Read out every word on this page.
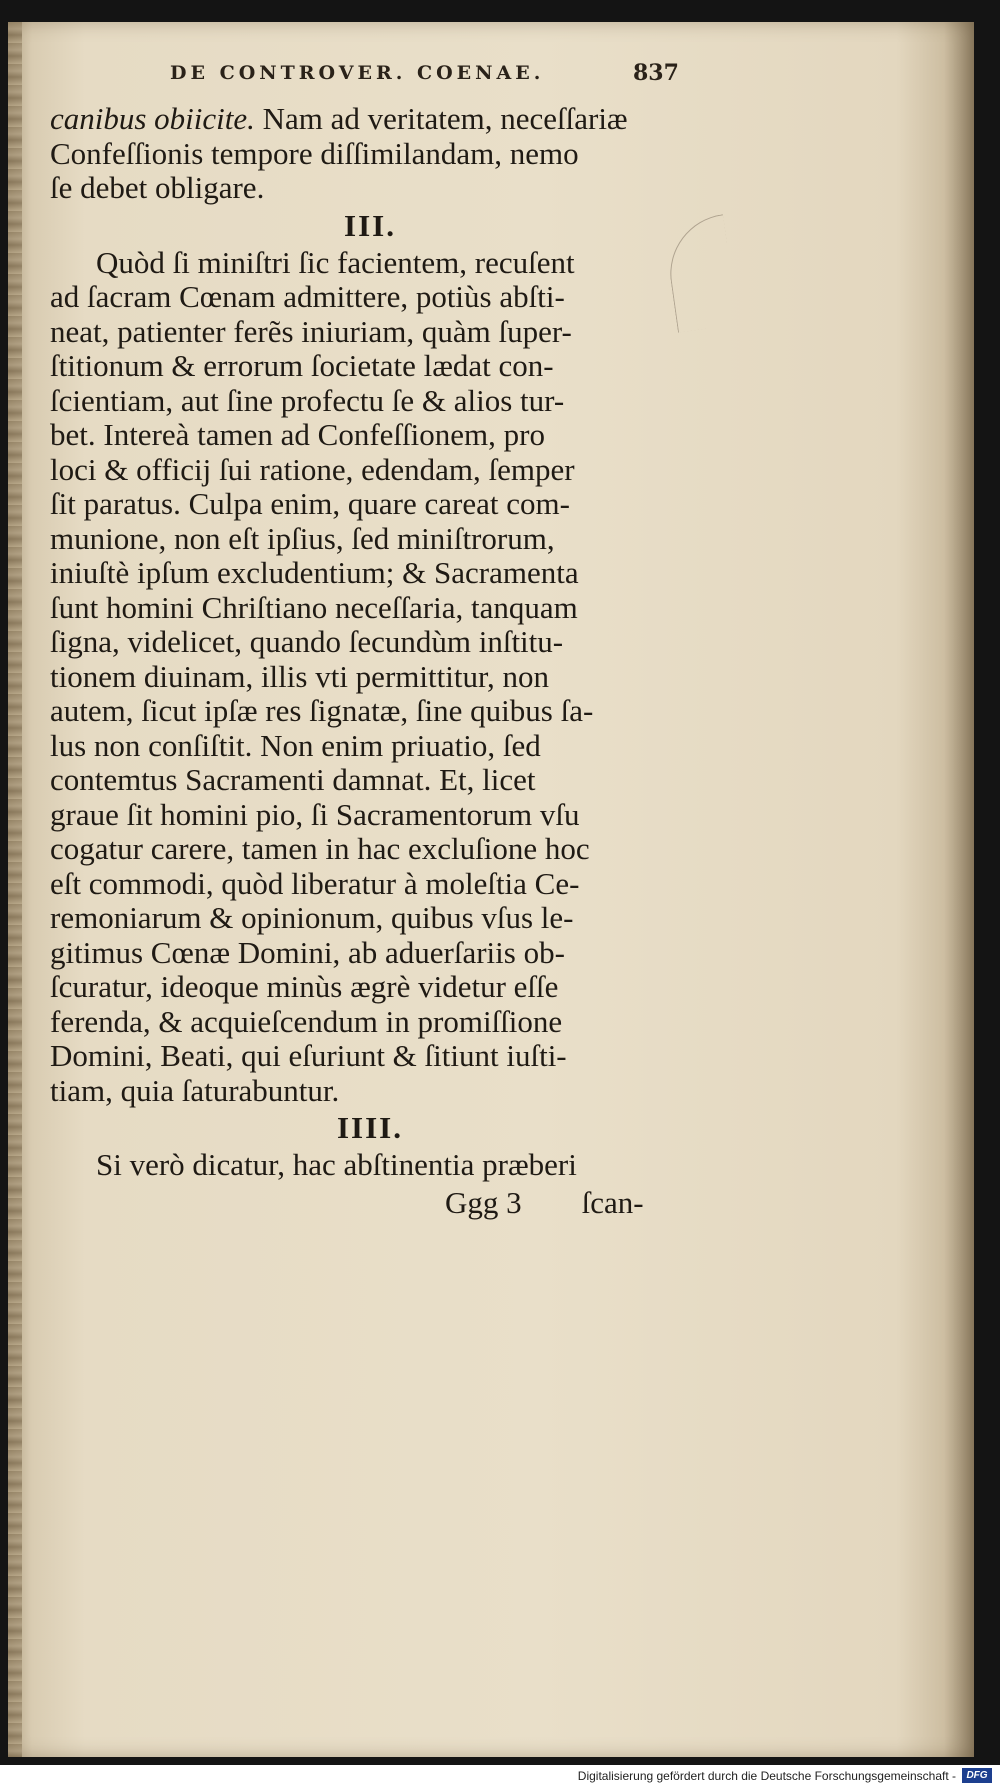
DE CONTROVER. COENAE.	837
canibus obiicite. Nam ad veritatem, neceſſariæ
Confeſſionis tempore diſſimilandam, nemo
ſe debet obligare.
III.
Quòd ſi miniſtri ſic facientem, recuſent
ad ſacram Cœnam admittere, potiùs abſti-
neat, patienter ferẽs iniuriam, quàm ſuper-
ſtitionum & errorum ſocietate lædat con-
ſcientiam, aut ſine profectu ſe & alios tur-
bet. Intereà tamen ad Confeſſionem, pro
loci & officij ſui ratione, edendam, ſemper
ſit paratus. Culpa enim, quare careat com-
munione, non eſt ipſius, ſed miniſtrorum,
iniuſtè ipſum excludentium; & Sacramenta
ſunt homini Chriſtiano neceſſaria, tanquam
ſigna, videlicet, quando ſecundùm inſtitu-
tionem diuinam, illis vti permittitur, non
autem, ſicut ipſæ res ſignatæ, ſine quibus ſa-
lus non conſiſtit. Non enim priuatio, ſed
contemtus Sacramenti damnat. Et, licet
graue ſit homini pio, ſi Sacramentorum vſu
cogatur carere, tamen in hac excluſione hoc
eſt commodi, quòd liberatur à moleſtia Ce-
remoniarum & opinionum, quibus vſus le-
gitimus Cœnæ Domini, ab aduerſariis ob-
ſcuratur, ideoque minùs ægrè videtur eſſe
ferenda, & acquieſcendum in promiſſione
Domini, Beati, qui eſuriunt & ſitiunt iuſti-
tiam, quia ſaturabuntur.
IIII.
Si verò dicatur, hac abſtinentia præberi
Ggg 3 ſcan-
Digitalisierung gefördert durch die Deutsche Forschungsgemeinschaft -	DFG
